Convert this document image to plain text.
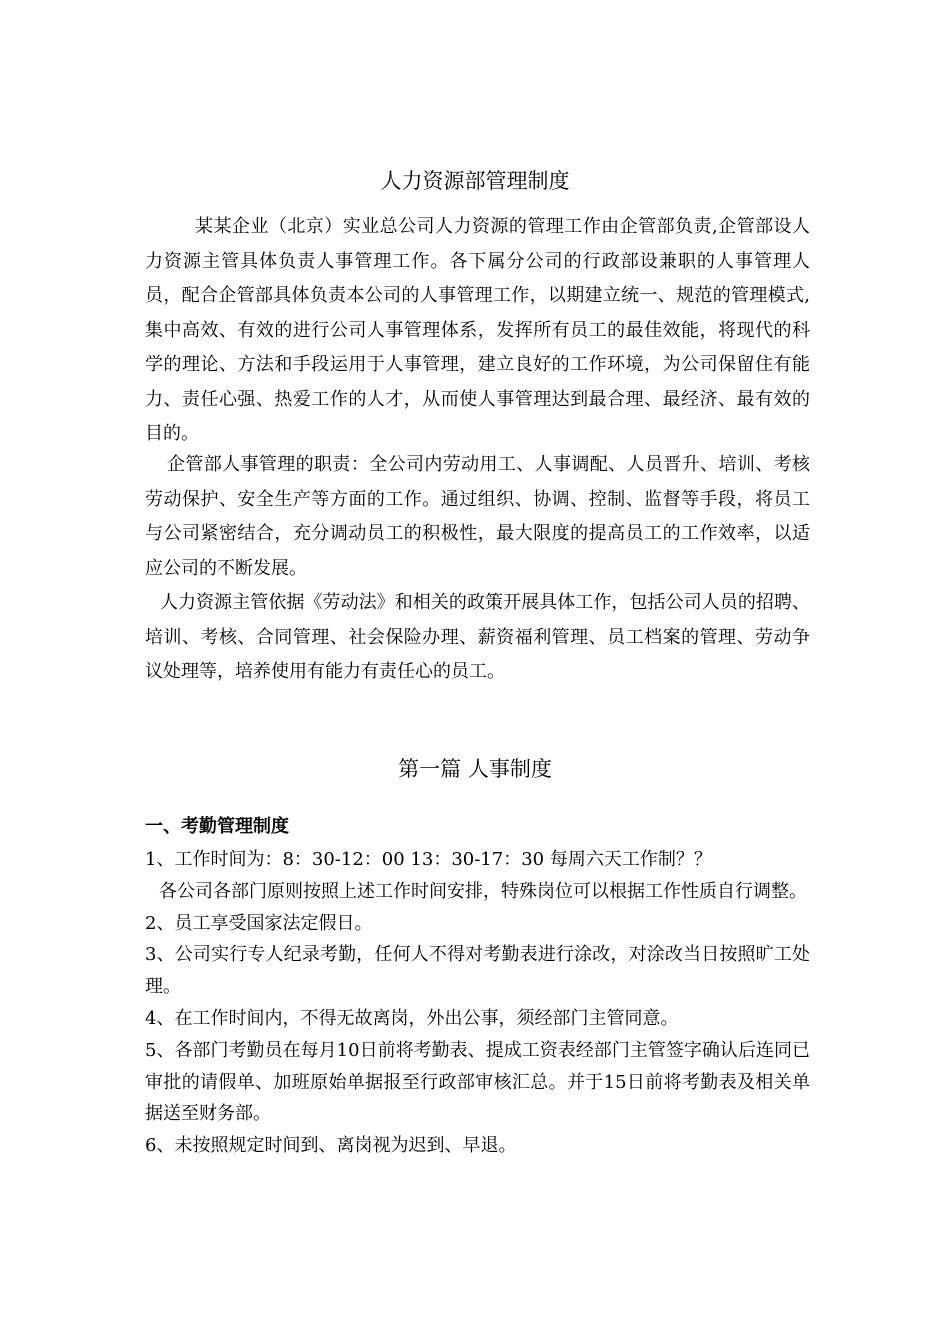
人力资源部管理制度

某某企业（北京）实业总公司人力资源的管理工作由企管部负责,企管部设人力资源主管具体负责人事管理工作。各下属分公司的行政部设兼职的人事管理人员，配合企管部具体负责本公司的人事管理工作，以期建立统一、规范的管理模式,集中高效、有效的进行公司人事管理体系，发挥所有员工的最佳效能，将现代的科学的理论、方法和手段运用于人事管理，建立良好的工作环境，为公司保留住有能力、责任心强、热爱工作的人才，从而使人事管理达到最合理、最经济、最有效的目的。

企管部人事管理的职责：全公司内劳动用工、人事调配、人员晋升、培训、考核劳动保护、安全生产等方面的工作。通过组织、协调、控制、监督等手段，将员工与公司紧密结合，充分调动员工的积极性，最大限度的提高员工的工作效率，以适应公司的不断发展。

人力资源主管依据《劳动法》和相关的政策开展具体工作，包括公司人员的招聘、培训、考核、合同管理、社会保险办理、薪资福利管理、员工档案的管理、劳动争议处理等，培养使用有能力有责任心的员工。

第一篇 人事制度
一、考勤管理制度
1、工作时间为：8：30-12：00 13：30-17：30 每周六天工作制？？
各公司各部门原则按照上述工作时间安排，特殊岗位可以根据工作性质自行调整。
2、员工享受国家法定假日。
3、公司实行专人纪录考勤，任何人不得对考勤表进行涂改，对涂改当日按照旷工处理。
4、在工作时间内，不得无故离岗，外出公事，须经部门主管同意。
5、各部门考勤员在每月10日前将考勤表、提成工资表经部门主管签字确认后连同已审批的请假单、加班原始单据报至行政部审核汇总。并于15日前将考勤表及相关单据送至财务部。
6、未按照规定时间到、离岗视为迟到、早退。
